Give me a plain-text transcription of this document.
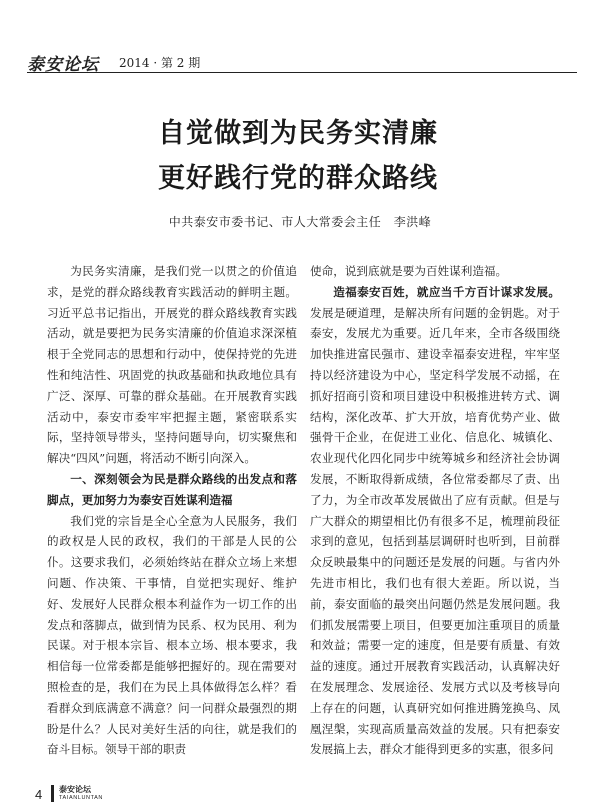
泰安论坛 2014 · 第 2 期
自觉做到为民务实清廉
更好践行党的群众路线
中共泰安市委书记、市人大常委会主任　李洪峰

为民务实清廉，是我们党一以贯之的价值追求，是党的群众路线教育实践活动的鲜明主题。习近平总书记指出，开展党的群众路线教育实践活动，就是要把为民务实清廉的价值追求深深植根于全党同志的思想和行动中，使保持党的先进性和纯洁性、巩固党的执政基础和执政地位具有广泛、深厚、可靠的群众基础。在开展教育实践活动中，泰安市委牢牢把握主题，紧密联系实际，坚持领导带头，坚持问题导向，切实聚焦和解决“四风”问题，将活动不断引向深入。

一、深刻领会为民是群众路线的出发点和落脚点，更加努力为泰安百姓谋利造福

我们党的宗旨是全心全意为人民服务，我们的政权是人民的政权，我们的干部是人民的公仆。这要求我们，必须始终站在群众立场上来想问题、作决策、干事情，自觉把实现好、维护好、发展好人民群众根本利益作为一切工作的出发点和落脚点，做到情为民系、权为民用、利为民谋。对于根本宗旨、根本立场、根本要求，我相信每一位常委都是能够把握好的。现在需要对照检查的是，我们在为民上具体做得怎么样？看看群众到底满意不满意？问一问群众最强烈的期盼是什么？人民对美好生活的向往，就是我们的奋斗目标。领导干部的职责

使命，说到底就是要为百姓谋利造福。

造福泰安百姓，就应当千方百计谋求发展。发展是硬道理，是解决所有问题的金钥匙。对于泰安，发展尤为重要。近几年来，全市各级围绕加快推进富民强市、建设幸福泰安进程，牢牢坚持以经济建设为中心，坚定科学发展不动摇，在抓好招商引资和项目建设中积极推进转方式、调结构，深化改革、扩大开放，培育优势产业、做强骨干企业，在促进工业化、信息化、城镇化、农业现代化四化同步中统筹城乡和经济社会协调发展，不断取得新成绩，各位常委都尽了责、出了力，为全市改革发展做出了应有贡献。但是与广大群众的期望相比仍有很多不足，梳理前段征求到的意见，包括到基层调研时也听到，目前群众反映最集中的问题还是发展的问题。与省内外先进市相比，我们也有很大差距。所以说，当前，泰安面临的最突出问题仍然是发展问题。我们抓发展需要上项目，但要更加注重项目的质量和效益；需要一定的速度，但是要有质量、有效益的速度。通过开展教育实践活动，认真解决好在发展理念、发展途径、发展方式以及考核导向上存在的问题，认真研究如何推进腾笼换鸟、凤凰涅槃，实现高质量高效益的发展。只有把泰安发展搞上去，群众才能得到更多的实惠，很多问

4 泰安论坛
TAIANLUNTAN
